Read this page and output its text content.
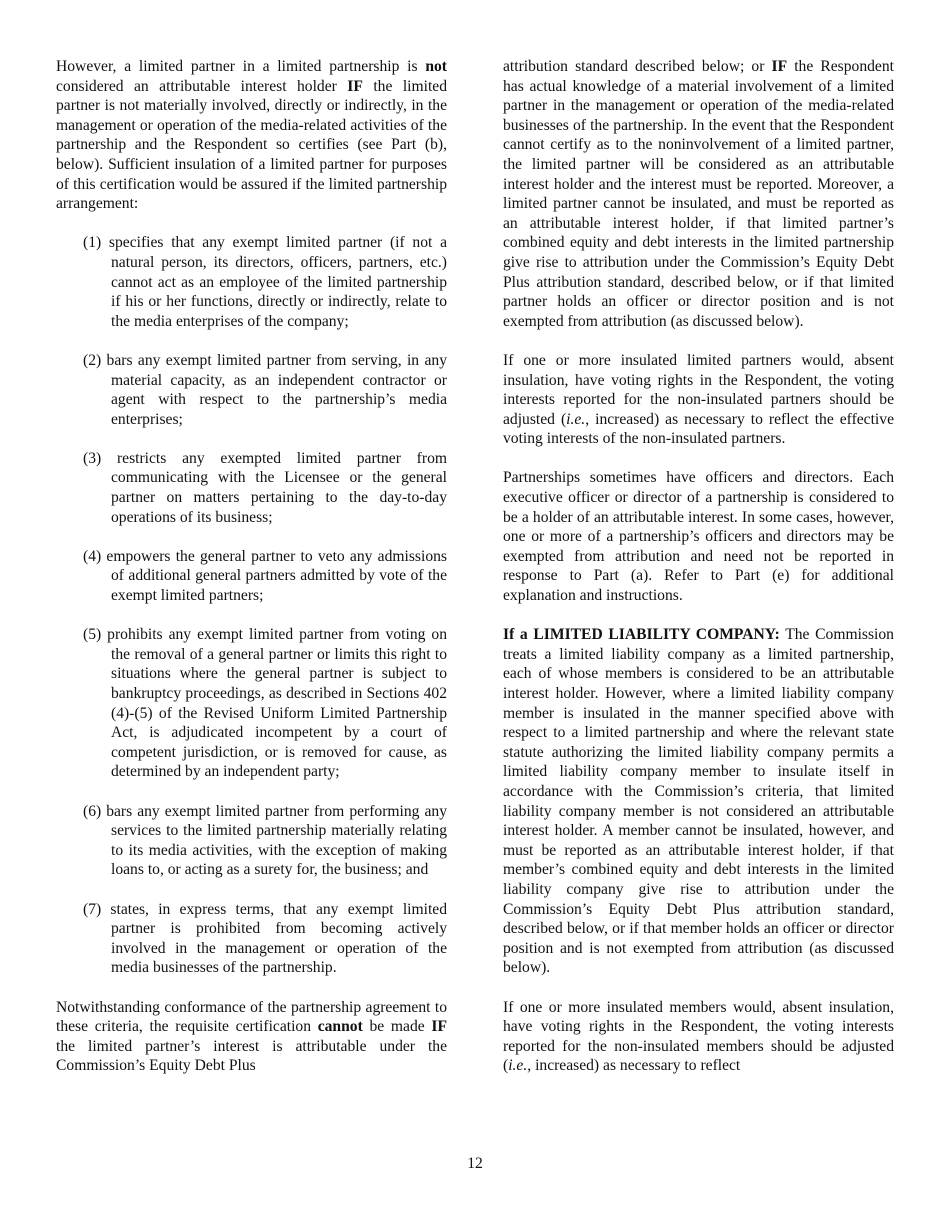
However, a limited partner in a limited partnership is not considered an attributable interest holder IF the limited partner is not materially involved, directly or indirectly, in the management or operation of the media-related activities of the partnership and the Respondent so certifies (see Part (b), below). Sufficient insulation of a limited partner for purposes of this certification would be assured if the limited partnership arrangement:

(1) specifies that any exempt limited partner (if not a natural person, its directors, officers, partners, etc.) cannot act as an employee of the limited partnership if his or her functions, directly or indirectly, relate to the media enterprises of the company;
(2) bars any exempt limited partner from serving, in any material capacity, as an independent contractor or agent with respect to the partnership’s media enterprises;
(3) restricts any exempted limited partner from communicating with the Licensee or the general partner on matters pertaining to the day-to-day operations of its business;
(4) empowers the general partner to veto any admissions of additional general partners admitted by vote of the exempt limited partners;
(5) prohibits any exempt limited partner from voting on the removal of a general partner or limits this right to situations where the general partner is subject to bankruptcy proceedings, as described in Sections 402 (4)-(5) of the Revised Uniform Limited Partnership Act, is adjudicated incompetent by a court of competent jurisdiction, or is removed for cause, as determined by an independent party;
(6) bars any exempt limited partner from performing any services to the limited partnership materially relating to its media activities, with the exception of making loans to, or acting as a surety for, the business; and
(7) states, in express terms, that any exempt limited partner is prohibited from becoming actively involved in the management or operation of the media businesses of the partnership.

Notwithstanding conformance of the partnership agreement to these criteria, the requisite certification cannot be made IF the limited partner’s interest is attributable under the Commission’s Equity Debt Plus

attribution standard described below; or IF the Respondent has actual knowledge of a material involvement of a limited partner in the management or operation of the media-related businesses of the partnership. In the event that the Respondent cannot certify as to the noninvolvement of a limited partner, the limited partner will be considered as an attributable interest holder and the interest must be reported. Moreover, a limited partner cannot be insulated, and must be reported as an attributable interest holder, if that limited partner’s combined equity and debt interests in the limited partnership give rise to attribution under the Commission’s Equity Debt Plus attribution standard, described below, or if that limited partner holds an officer or director position and is not exempted from attribution (as discussed below).

If one or more insulated limited partners would, absent insulation, have voting rights in the Respondent, the voting interests reported for the non-insulated partners should be adjusted (i.e., increased) as necessary to reflect the effective voting interests of the non-insulated partners.

Partnerships sometimes have officers and directors. Each executive officer or director of a partnership is considered to be a holder of an attributable interest. In some cases, however, one or more of a partnership’s officers and directors may be exempted from attribution and need not be reported in response to Part (a). Refer to Part (e) for additional explanation and instructions.

If a LIMITED LIABILITY COMPANY: The Commission treats a limited liability company as a limited partnership, each of whose members is considered to be an attributable interest holder. However, where a limited liability company member is insulated in the manner specified above with respect to a limited partnership and where the relevant state statute authorizing the limited liability company permits a limited liability company member to insulate itself in accordance with the Commission’s criteria, that limited liability company member is not considered an attributable interest holder. A member cannot be insulated, however, and must be reported as an attributable interest holder, if that member’s combined equity and debt interests in the limited liability company give rise to attribution under the Commission’s Equity Debt Plus attribution standard, described below, or if that member holds an officer or director position and is not exempted from attribution (as discussed below).

If one or more insulated members would, absent insulation, have voting rights in the Respondent, the voting interests reported for the non-insulated members should be adjusted (i.e., increased) as necessary to reflect

12
